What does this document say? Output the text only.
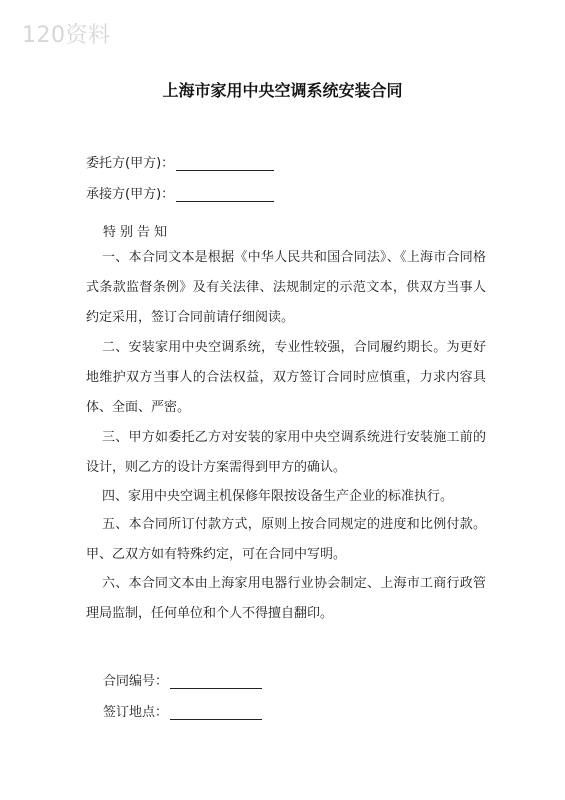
120资料
上海市家用中央空调系统安装合同
委托方(甲方)：
承接方(甲方)：
特别告知

一、本合同文本是根据《中华人民共和国合同法》、《上海市合同格式条款监督条例》及有关法律、法规制定的示范文本，供双方当事人约定采用，签订合同前请仔细阅读。

二、安装家用中央空调系统，专业性较强，合同履约期长。为更好地维护双方当事人的合法权益，双方签订合同时应慎重，力求内容具体、全面、严密。

三、甲方如委托乙方对安装的家用中央空调系统进行安装施工前的设计，则乙方的设计方案需得到甲方的确认。

四、家用中央空调主机保修年限按设备生产企业的标准执行。

五、本合同所订付款方式，原则上按合同规定的进度和比例付款。甲、乙双方如有特殊约定，可在合同中写明。

六、本合同文本由上海家用电器行业协会制定、上海市工商行政管理局监制，任何单位和个人不得擅自翻印。

合同编号：
签订地点：
